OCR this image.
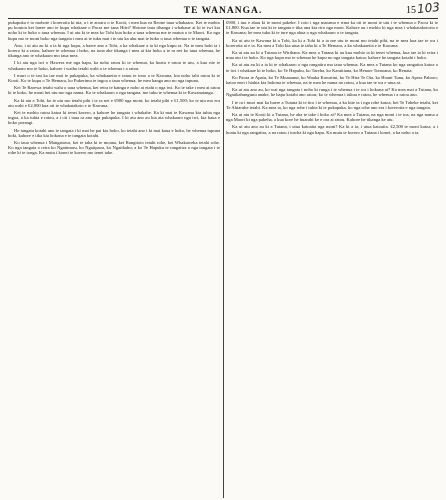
TE WANANGA.	15 103

pukapuka e to mohote i korerotia ki nia, a i te aroaro o te Kooti, i mea kua ea Reone taua whakaaro. Kei te mohio pu koutou kei haere ano te kupu whakaae o Pacra me tana Hiiri? Hoione taua tihanga i whakaue ai ki te iwi kia noho ki te hoko o taua whenua. I ui atu ki te mea ko Tohi kua hoko a taua whenua me te matua o te Maori. Ko nga kupu mo te moni hoko nga tangata i mea ai te tuku mai i te utu ka ahu mai te hoko o taua whenua o te tangata.

Ano, i ui atu au ki a ia ki nga kupu, a haere ano a Tohi, a ka whakaae a ia ki nga kupu ra. Na te mea hoki ia i korero ki a ratou, kahore te whenua i hoko, na tona ake tikanga i mea ai kia hoko a te ra nei ko taua whenua, he tikanga ano te whakaaro mo taua mea.

I ki atu nga iwi o Hawera me nga hapu, ka noho ratou ki te whenua, ka hoatu e ratou te utu, a kua rite te whakaaro mo te hoko, kahore i waiho tetahi wahi o te whenua i a ratou.

I muri o te tau ka tae mai te pukapuka, ka whakaaetia e ratou te tono a te Kawana, kia noho tahi ratou ki te Kooti. Ko te kupu o Te Hemara, ko Pukerimu te ingoa o taua whenua; he mea hanga ano no nga tupuna.

Kei Te Rarewa tetahi wahi o taua whenua, kei reira te kainga e noho ai etahi o nga iwi. Ko te take i mea ai ratou ki te hoko, he moni hei utu mo nga nama. Ko te whakaaro o nga tangata, me tuku te whenua ki te Kawanatanga.

Ka ki atu a Tohi, ko te utu mo tetahi pihi i te ra nei e £900 nga moni; ko tetahi pihi e £1,500; ko te utu mo era atu wahi e £2,000 kua oti te whakatakoto e te Kawana.

Kei te mohio ratou katoa ki tenei korero, a kahore he tangata i whakahe. Ka ki mai te Kawana kia tuhia nga ingoa, a ka tuhia e ratou, a i oti i taua ra ano nga pukapuka. I ki atu ano au kia ata whakaaro nga iwi, kia kaua e hoko porangi.

He tangata kotahi ano te tangata i ki mai he pai kia hoko, ko tetahi ano i ki mai kaua e hoko, he whenua tupuna hoki, kahore e tika kia hokona e te tangata kotahi.

Ko taua whenua i Mangatawa, kei te taha ki te moana, kei Rangitoto tetahi rohe, kei Whakaweka tetahi rohe. Ko nga tangata o reira ko Ngatimaru, ko Ngatipaoa, ko Ngatikahu; a ko Te Hapuku te rangatira o nga tangata i te rohe ki te tonga. Ka mutu i konei te korero mo tenei take.

£900, i tuu e ahau ki te moni pakeke. I roto i nga marama e rima ka oti te moni te utu i te whenua o Pacra ki te £1,800. Kua tae te utu ki te tangata e tika ana kia riro nga moni. Kahore au i mohio ki nga mea i whakatakotoria e te Kawana; he mea tuku ki te ture nga ahua o nga whakaaro o te tangata.

Ka ui atu te Kawana ki a Tohi, ka ki a Tohi ki a ia me utu te moni mo tetahi pihi, na te mea kua tae te wa i korerotia ai e ia. Ka mea a Tohi kia utua te taha ki a Te Hemara, a ka whakaaetia e te Kawana.

Ka ui atu au ki a Tutana te Wirihana. Ka mea a Tutana ki au kua mohio ia ki tenei whenua, kua tae ia ki reira i mua atu i te hoko. Ko nga kupu mo te whenua he kupu no nga tangata katoa; kahore he tangata kotahi i hoko.

Ka ui atu au ki a ia ki te whakaaro o nga rangatira mo taua whenua. Ka mea a Tutana ko nga rangatira katoa o te iwi i whakaae ki te hoko, ko Te Hapuku, ko Tareha, ko Karaitiana, ko Henare Tomoana, ko Renata.

Ko Paora te Apatu, ko Te Moananui, ko Waaka Kawatini, ko Te Hira Te Ota, ko Hoani Tunu, ko Apera Pahoro; katoa enei i hiahia kia hokona te whenua, na te mea he nama no ratou, a kua tae te wa e utua ai.

Ka ui atu ano au, ko wai nga tangata i noho ki runga i te whenua i te wa i hokona ai? Ka mea mai a Tutana, ko Ngatikahungunu anake, he hapu kotahi ano ratou; ko te whenua i tukua e ratou, he whenua i a ratou ano.

I te ra i muri mai ka haere a Tutana ki te tiro i te whenua, a ka kite ia i nga rohe katoa, kei Te Taheke tetahi, kei Te Ahiaruhe tetahi. Ka mea ia, ko nga rohe i tuhia ki te pukapuka, ko nga rohe ano era i korerotia e nga tangata.

Ka ui atu te Kooti ki a Tutana, he aha te take i hoko ai? Ka mea a Tutana, na nga moni i te toa, na nga nama a nga Maori ki nga pakeha, a kua kore he huarahi ke e ora ai ratou. Kahore he tikanga ke atu.

Ka ui atu ano au ki a Tutana, i utua katoatia nga moni? Ka ki a ia, i utua katoatia. £2,500 te moni katoa, a i hoatu ki nga rangatira, a na ratou i tuwha ki nga hapu. Ka mutu te korero a Tutana i konei, a ka noho a ia.
